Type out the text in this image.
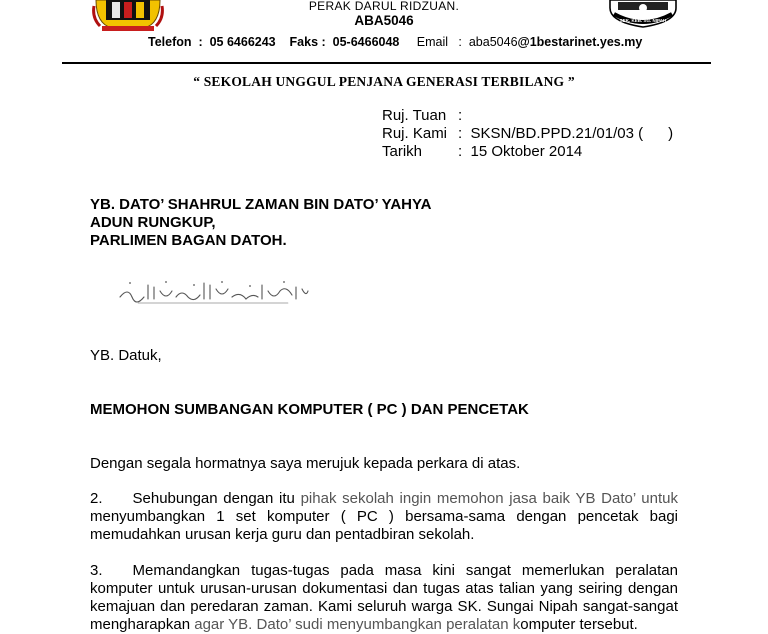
SEK. KEB. SG. NIPAH
PERAK DARUL RIDZUAN.
ABA5046
Telefon  :  05 6466243 Faks :  05-6466048 Email   :  aba5046@1bestarinet.yes.my
“ SEKOLAH UNGGUL PENJANA GENERASI TERBILANG ”
Ruj. Tuan :
Ruj. Kami :  SKSN/BD.PPD.21/01/03 (      )
Tarikh :  15 Oktober 2014
YB. DATO’ SHAHRUL ZAMAN BIN DATO’ YAHYA
ADUN RUNGKUP,
PARLIMEN BAGAN DATOH.
YB. Datuk,
MEMOHON SUMBANGAN KOMPUTER ( PC ) DAN PENCETAK
Dengan segala hormatnya saya merujuk kepada perkara di atas.
2.   Sehubungan dengan itu pihak sekolah ingin memohon jasa baik YB Dato’ untuk menyumbangkan 1 set komputer ( PC ) bersama-sama dengan pencetak bagi memudahkan urusan kerja guru dan pentadbiran sekolah.
3.   Memandangkan tugas-tugas pada masa kini sangat memerlukan peralatan komputer untuk urusan-urusan dokumentasi dan tugas atas talian yang seiring dengan kemajuan dan peredaran zaman. Kami seluruh warga SK. Sungai Nipah sangat-sangat mengharapkan agar YB. Dato’ sudi menyumbangkan peralatan komputer tersebut.
